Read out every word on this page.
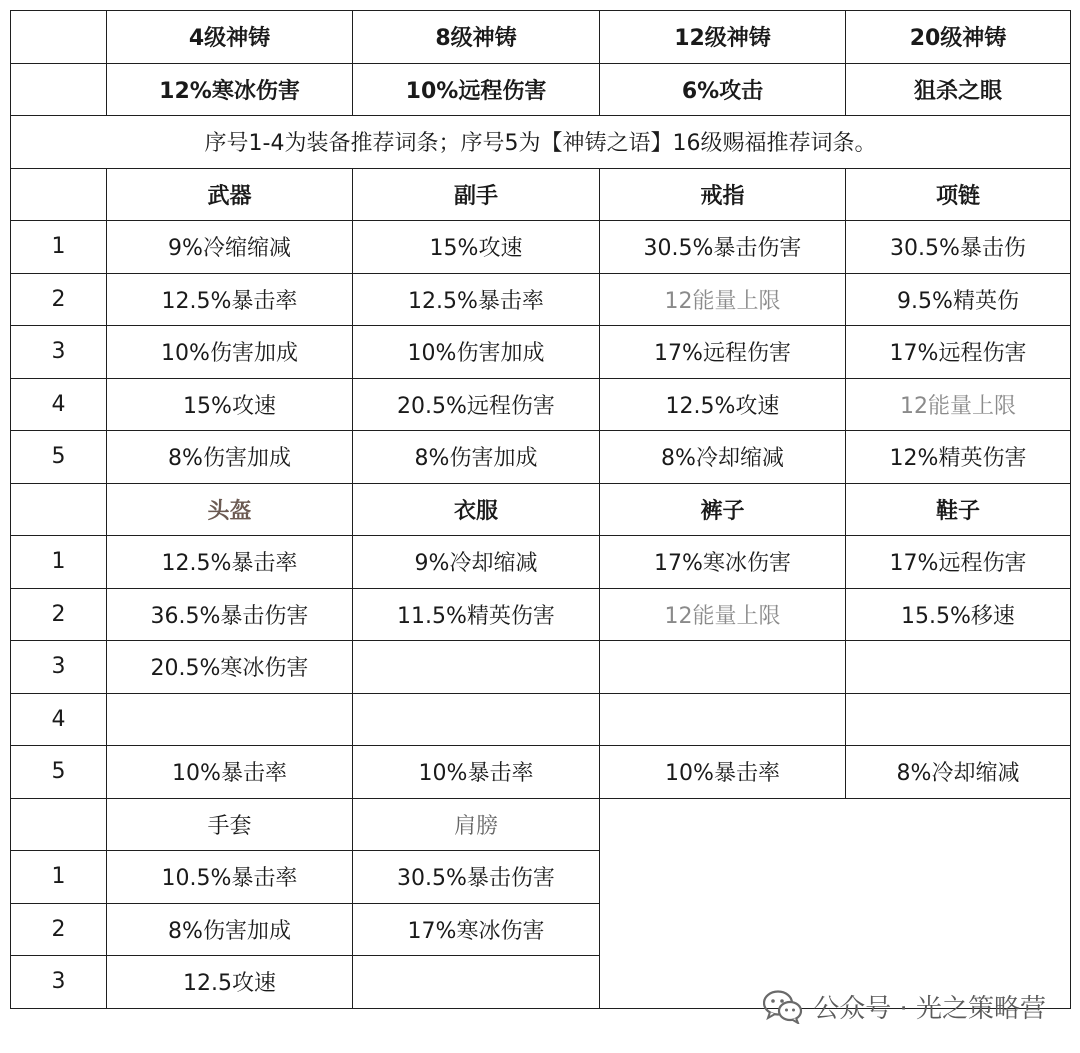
	4级神铸	8级神铸	12级神铸	20级神铸
	12%寒冰伤害	10%远程伤害	6%攻击	狙杀之眼
序号1-4为装备推荐词条；序号5为【神铸之语】16级赐福推荐词条。				
	武器	副手	戒指	项链
1	9%冷缩缩减	15%攻速	30.5%暴击伤害	30.5%暴击伤
2	12.5%暴击率	12.5%暴击率	12能量上限	9.5%精英伤
3	10%伤害加成	10%伤害加成	17%远程伤害	17%远程伤害
4	15%攻速	20.5%远程伤害	12.5%攻速	12能量上限
5	8%伤害加成	8%伤害加成	8%冷却缩减	12%精英伤害
	头盔	衣服	裤子	鞋子
1	12.5%暴击率	9%冷却缩减	17%寒冰伤害	17%远程伤害
2	36.5%暴击伤害	11.5%精英伤害	12能量上限	15.5%移速
3	20.5%寒冰伤害			
4				
5	10%暴击率	10%暴击率	10%暴击率	8%冷却缩减
	手套	肩膀		
1	10.5%暴击率	30.5%暴击伤害		
2	8%伤害加成	17%寒冰伤害		
3	12.5攻速			
公众号 · 光之策略营
